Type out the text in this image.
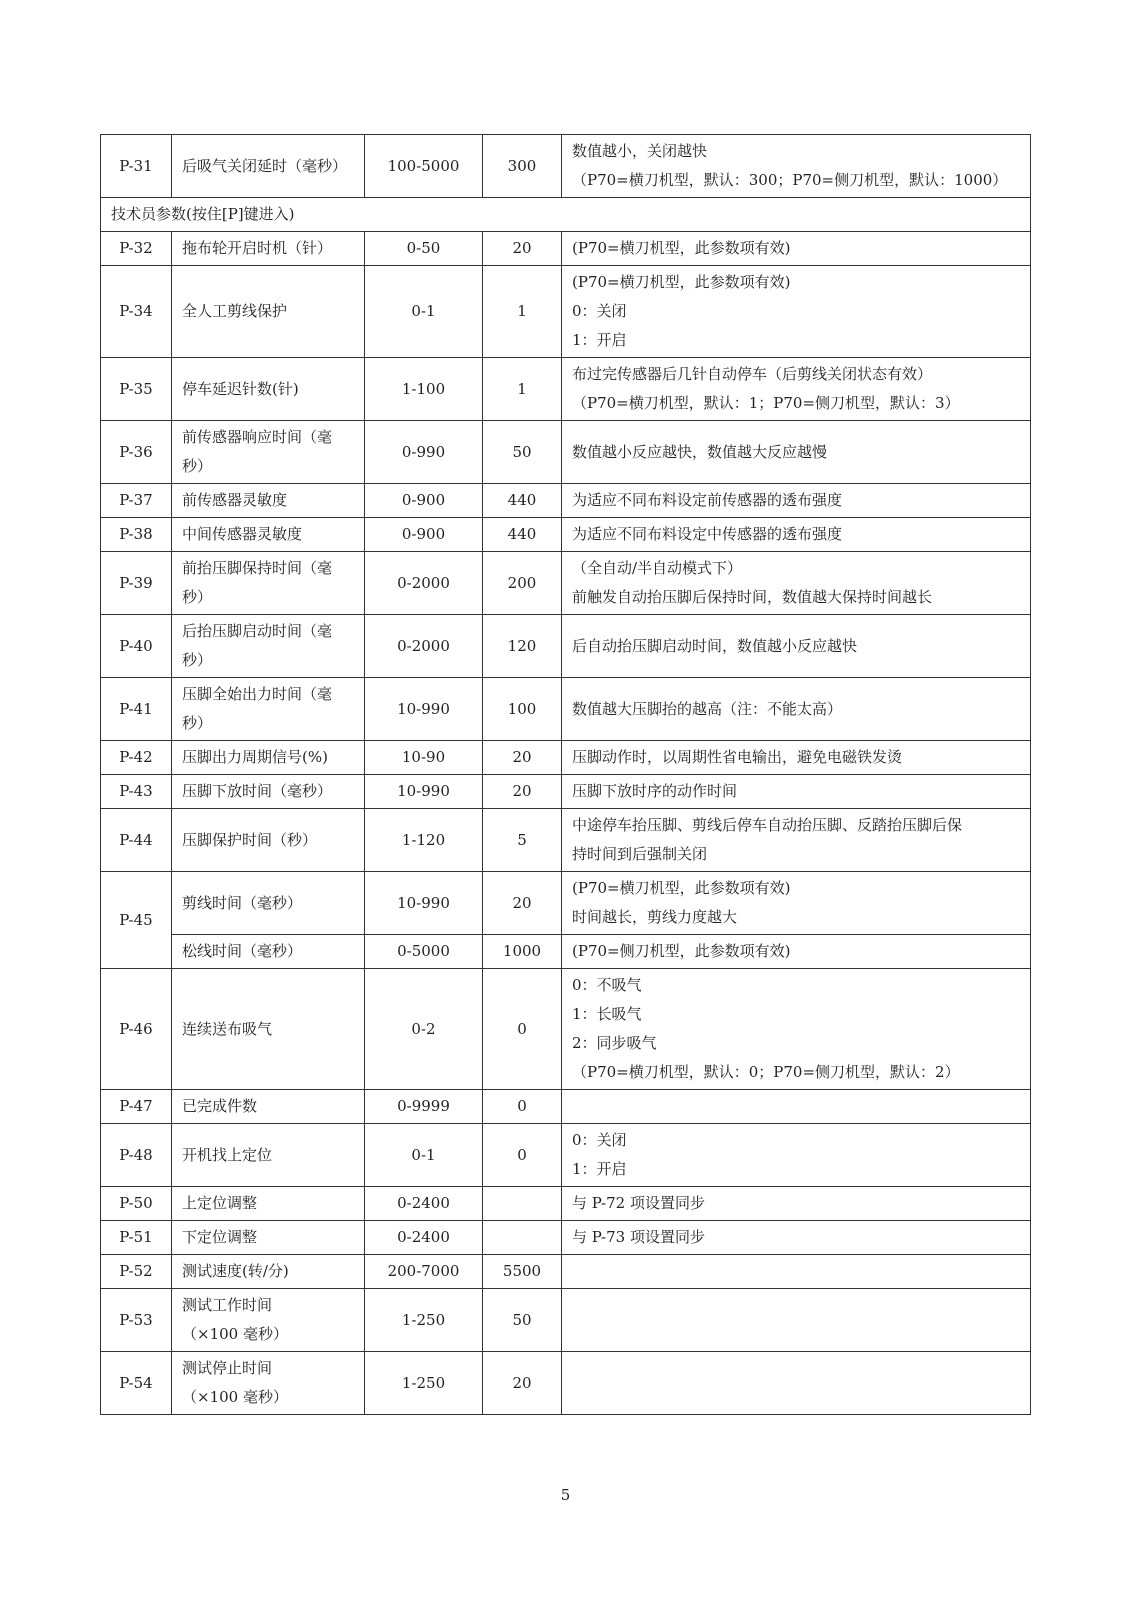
P-31	后吸气关闭延时（毫秒）	100-5000	300	数值越小，关闭越快
（P70=横刀机型，默认：300；P70=侧刀机型，默认：1000）

技术员参数(按住[P]键进入)				
P-32	拖布轮开启时机（针）	0-50	20	(P70=横刀机型，此参数项有效)

P-34	全人工剪线保护	0-1	1	(P70=横刀机型，此参数项有效)
0：关闭
1：开启

P-35	停车延迟针数(针)	1-100	1	布过完传感器后几针自动停车（后剪线关闭状态有效）
（P70=横刀机型，默认：1；P70=侧刀机型，默认：3）

P-36	前传感器响应时间（毫
秒）	0-990	50	数值越小反应越快，数值越大反应越慢

P-37	前传感器灵敏度	0-900	440	为适应不同布料设定前传感器的透布强度

P-38	中间传感器灵敏度	0-900	440	为适应不同布料设定中传感器的透布强度

P-39	前抬压脚保持时间（毫
秒）	0-2000	200	（全自动/半自动模式下）
前触发自动抬压脚后保持时间，数值越大保持时间越长

P-40	后抬压脚启动时间（毫
秒）	0-2000	120	后自动抬压脚启动时间，数值越小反应越快

P-41	压脚全始出力时间（毫
秒）	10-990	100	数值越大压脚抬的越高（注：不能太高）

P-42	压脚出力周期信号(%)	10-90	20	压脚动作时，以周期性省电输出，避免电磁铁发烫

P-43	压脚下放时间（毫秒）	10-990	20	压脚下放时序的动作时间

P-44	压脚保护时间（秒）	1-120	5	中途停车抬压脚、剪线后停车自动抬压脚、反踏抬压脚后保
持时间到后强制关闭

P-45	剪线时间（毫秒）	10-990	20	(P70=横刀机型，此参数项有效)
时间越长，剪线力度越大

	松线时间（毫秒）	0-5000	1000	(P70=侧刀机型，此参数项有效)

P-46	连续送布吸气	0-2	0	0：不吸气
1：长吸气
2：同步吸气
（P70=横刀机型，默认：0；P70=侧刀机型，默认：2）

P-47	已完成件数	0-9999	0	
P-48	开机找上定位	0-1	0	0：关闭
1：开启

P-50	上定位调整	0-2400		与 P-72 项设置同步

P-51	下定位调整	0-2400		与 P-73 项设置同步

P-52	测试速度(转/分)	200-7000	5500	
P-53	测试工作时间
（×100 毫秒）	1-250	50	
P-54	测试停止时间
（×100 毫秒）	1-250	20	
5
